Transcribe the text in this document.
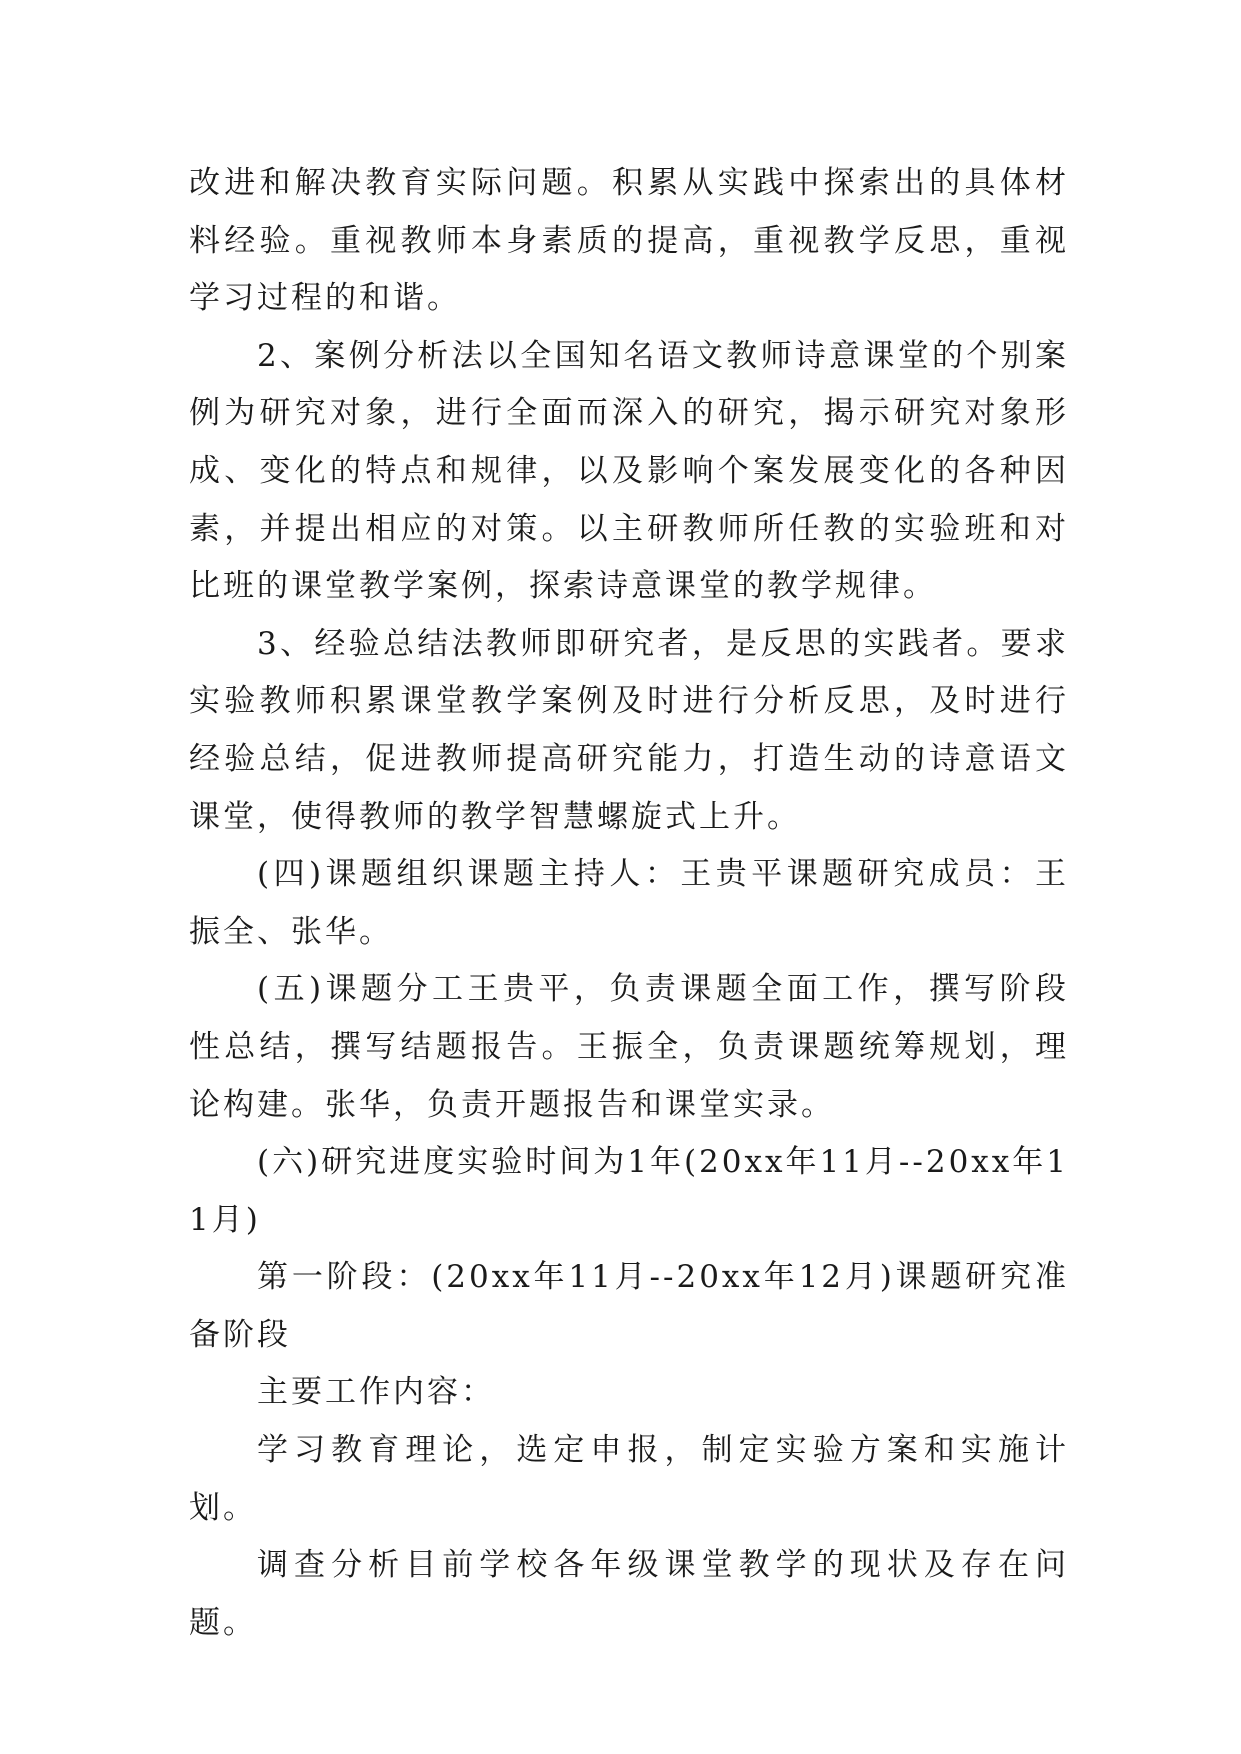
改进和解决教育实际问题。积累从实践中探索出的具体材料经验。重视教师本身素质的提高，重视教学反思，重视学习过程的和谐。

2、案例分析法以全国知名语文教师诗意课堂的个别案例为研究对象，进行全面而深入的研究，揭示研究对象形成、变化的特点和规律，以及影响个案发展变化的各种因素，并提出相应的对策。以主研教师所任教的实验班和对比班的课堂教学案例，探索诗意课堂的教学规律。

3、经验总结法教师即研究者，是反思的实践者。要求实验教师积累课堂教学案例及时进行分析反思，及时进行经验总结，促进教师提高研究能力，打造生动的诗意语文课堂，使得教师的教学智慧螺旋式上升。

(四)课题组织课题主持人：王贵平课题研究成员：王振全、张华。

(五)课题分工王贵平，负责课题全面工作，撰写阶段性总结，撰写结题报告。王振全，负责课题统筹规划，理论构建。张华，负责开题报告和课堂实录。

(六)研究进度实验时间为1年(20xx年11月--20xx年11月)

第一阶段：(20xx年11月--20xx年12月)课题研究准备阶段

主要工作内容：

学习教育理论，选定申报，制定实验方案和实施计划。

调查分析目前学校各年级课堂教学的现状及存在问题。
